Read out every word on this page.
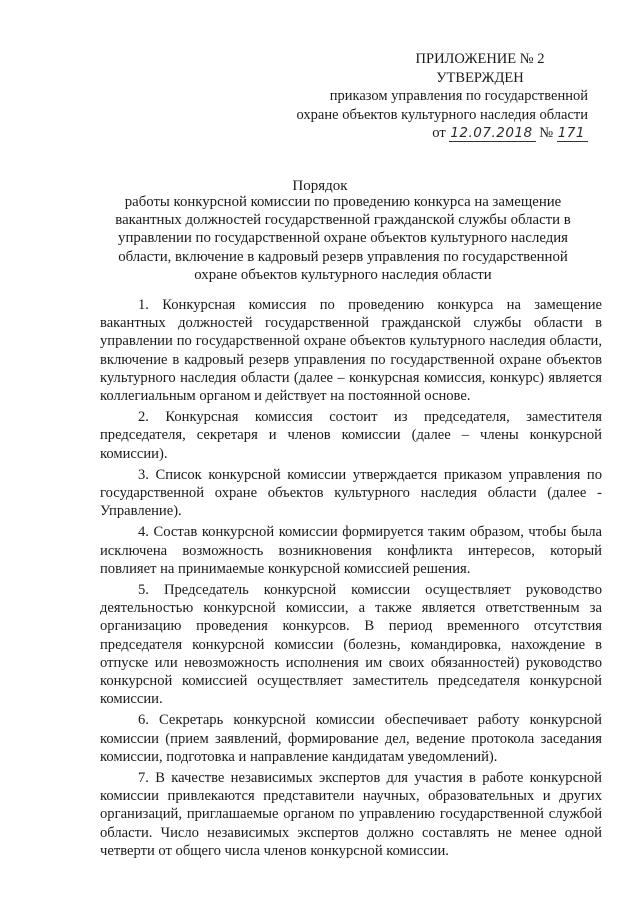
ПРИЛОЖЕНИЕ № 2
УТВЕРЖДЕН
приказом управления по государственной
охране объектов культурного наследия области
от 12.07.2018 № 171
Порядок
работы конкурсной комиссии по проведению конкурса на замещение вакантных должностей государственной гражданской службы области в управлении по государственной охране объектов культурного наследия области, включение в кадровый резерв управления по государственной охране объектов культурного наследия области

1. Конкурсная комиссия по проведению конкурса на замещение вакантных должностей государственной гражданской службы области в управлении по государственной охране объектов культурного наследия области, включение в кадровый резерв управления по государственной охране объектов культурного наследия области (далее – конкурсная комиссия, конкурс) является коллегиальным органом и действует на постоянной основе.

2. Конкурсная комиссия состоит из председателя, заместителя председателя, секретаря и членов комиссии (далее – члены конкурсной комиссии).

3. Список конкурсной комиссии утверждается приказом управления по государственной охране объектов культурного наследия области (далее - Управление).

4. Состав конкурсной комиссии формируется таким образом, чтобы была исключена возможность возникновения конфликта интересов, который повлияет на принимаемые конкурсной комиссией решения.

5. Председатель конкурсной комиссии осуществляет руководство деятельностью конкурсной комиссии, а также является ответственным за организацию проведения конкурсов. В период временного отсутствия председателя конкурсной комиссии (болезнь, командировка, нахождение в отпуске или невозможность исполнения им своих обязанностей) руководство конкурсной комиссией осуществляет заместитель председателя конкурсной комиссии.

6. Секретарь конкурсной комиссии обеспечивает работу конкурсной комиссии (прием заявлений, формирование дел, ведение протокола заседания комиссии, подготовка и направление кандидатам уведомлений).

7. В качестве независимых экспертов для участия в работе конкурсной комиссии привлекаются представители научных, образовательных и других организаций, приглашаемые органом по управлению государственной службой области. Число независимых экспертов должно составлять не менее одной четверти от общего числа членов конкурсной комиссии.
